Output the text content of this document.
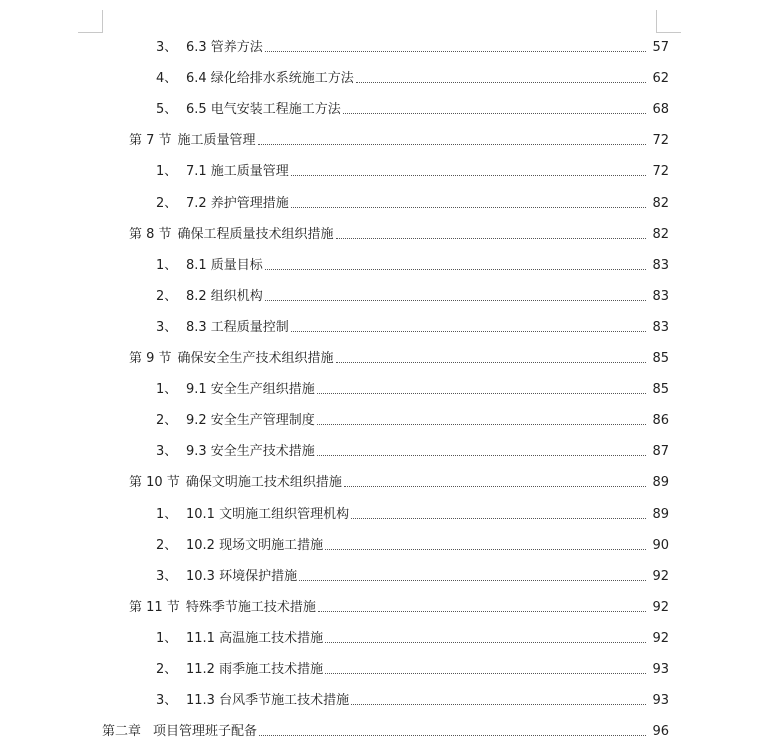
3、 6.3 管养方法	57
4、 6.4 绿化给排水系统施工方法	62
5、 6.5 电气安装工程施工方法	68
第 7 节 施工质量管理	72
1、 7.1 施工质量管理	72
2、 7.2 养护管理措施	82
第 8 节 确保工程质量技术组织措施	82
1、 8.1 质量目标	83
2、 8.2 组织机构	83
3、 8.3 工程质量控制	83
第 9 节 确保安全生产技术组织措施	85
1、 9.1 安全生产组织措施	85
2、 9.2 安全生产管理制度	86
3、 9.3 安全生产技术措施	87
第 10 节 确保文明施工技术组织措施	89
1、 10.1 文明施工组织管理机构	89
2、 10.2 现场文明施工措施	90
3、 10.3 环境保护措施	92
第 11 节 特殊季节施工技术措施	92
1、 11.1 高温施工技术措施	92
2、 11.2 雨季施工技术措施	93
3、 11.3 台风季节施工技术措施	93
第二章 项目管理班子配备	96
